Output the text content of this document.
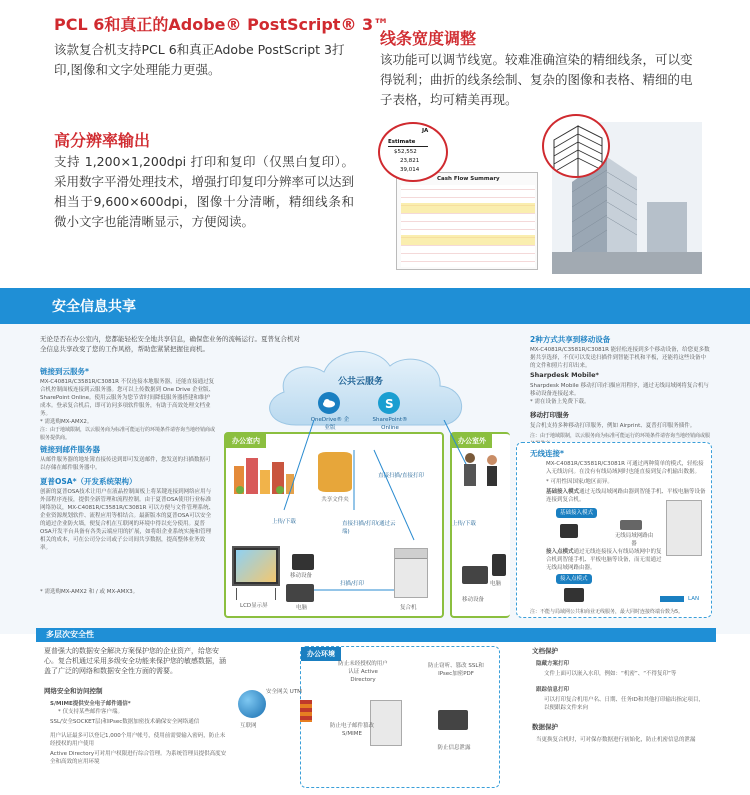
PCL 6和真正的Adobe® PostScript® 3™
该款复合机支持PCL 6和真正Adobe PostScript 3打印,图像和文字处理能力更强。
高分辨率输出
支持 1,200×1,200dpi 打印和复印（仅黑白复印）。采用数字平滑处理技术，增强打印复印分辨率可以达到相当于9,600×600dpi，图像十分清晰，精细线条和微小文字也能清晰显示，方便阅读。
线条宽度调整
该功能可以调节线宽。较难准确渲染的精细线条，可以变得锐利；曲折的线条绘制、复杂的图像和表格、精细的电子表格，均可精美再现。
Cash Flow Summary
JA
Estimate
$52,552
23,821
39,014
安全信息共享
无论是否在办公室内，您都能轻松安全地共享信息，确保您业务的流畅运行。夏普复合机对全信息共享改变了您的工作风格，帮助您紧紧把握住商机。
链接到云服务*
MX-C4081R/C3581R/C3081R 不仅连接本地服务器，还能直接通过复合机控制面板连接到云服务器。您可以上传数据到 One Drive 企业版、SharePoint Online。使用云服务为您节省时间降低服务器搭建和维护成本。登录复合机后，即可访问多项软件服务，有助于高效处理文档业务。
* 需选购MX-AMX2。
注：由于地域限制，以云服务商为标准可能运行的环境条件请咨询当地经销商或服务提供商。
链接到邮件服务器
从邮件服务器的地址簿直接传送到即可发送邮件，您发送的扫描数据可以存储在邮件服务器中。
夏普OSA*（开发系统架构）
创新的夏普OSA技术让用户在液晶控制面板上将某键连接到网络应用与外部程序连接，提供全新管理和流程控制。由于夏普OSA使用行业标准网络协议，MX-C4081R/C3581R/C3081R 可以方便与文件管理系统、企业资源规划软件、流程应用等相结合。最新版本的夏普OSA可以安全的通过企业防火墙，便复合机在互联网的环境中得以充分使用。夏普OSA开发平台具备有各类云端应用的扩展，如将组企业系统实施和管理相关的成本，可在公司分公司或子公司间共享数据，提高整体业务效率。
* 需选购MX-AMX2 和 / 或 MX-AMX3。
公共云服务
OneDrive® 企业版
S
SharePoint® Online
办公室内	办公室外
共享文件夹
上传/下载
直接扫描/直接打印
直接扫描/打印(通过云端)
上传/下载
扫描/打印
LCD显示屏
移动设备
电脑	复合机
移动设备
电脑
2种方式共享到移动设备
MX-C4081R/C3581R/C3081R 能轻松连接到多个移动设备，给您更多数据共享选择，不仅可以发送扫描件到智能手机和平板，还能将这些设备中的文件和照片打印出来。
Sharpdesk Mobile*
Sharpdesk Mobile 移动打印/扫描应用程序，通过无线局域网将复合机与移动设备连接起来。
* 需在设备上免费下载。
移动打印服务
复合机支持多种移动打印服务，例如 Airprint、夏普打印服务插件。
注：由于地域限制，以云服务商为标准可能运行的环境条件请咨询当地经销商或服
无线连接*
MX-C4081R/C3581R/C3081R 可通过两种简单的模式，轻松接入无线访问。在没有有线局域网时也能直接到复合机输出数据。
* 可用性因国家/地区而异。
基础接入模式通过无线局域网路由器到智能手机、平板电脑等设备连接到复合机。
基础接入模式
无线局域网路由器
接入点模式通过无线连接接入有线局域网中的复合机到智能手机、平板电脑等设备，而无需通过无线局域网路由器。
接入点模式
LAN
注：不能与局域网公共和商业无线服务，最大同时连接终端台数为5。
多层次安全性
夏普强大的数据安全解决方案保护您的企业资产，给您安心。复合机通过采用多级安全功能来保护您的敏感数据，涵盖了广泛的网络和数据安全性方面的需要。
网络安全和访问控制
S/MIME提供安全电子邮件通信*
* 仅支持某些邮件客户端。
SSL/安全SOCKET层)和IPsec数据加密技术确保安全网络通信
用户认证最多可以登记1,000个用户帐号，使用前需要输入密码，防止未经授权的用户使用
Active Directory可对用户权限进行综合管理。为系统管理员提供高度安全和高效的应用环境
办公环境
防止未经授权的用户认证 Active Directory
防止窃听、篡改 SSL和IPsec加密PDF
防止信息泄露
防止电子邮件篡改 S/MIME
安全网关 UTM
互联网
文档保护
隐藏方案打印
文件上面可以嵌入水印，例如：“机密”、“不得复印”等
跟踪信息打印
可以打印复合机用户名、日期、任务ID和其他打印输出指定项目，以便跟踪文件来向
数据保护
当更换复合机时，可对保存数据进行初始化，防止机密信息的泄漏
